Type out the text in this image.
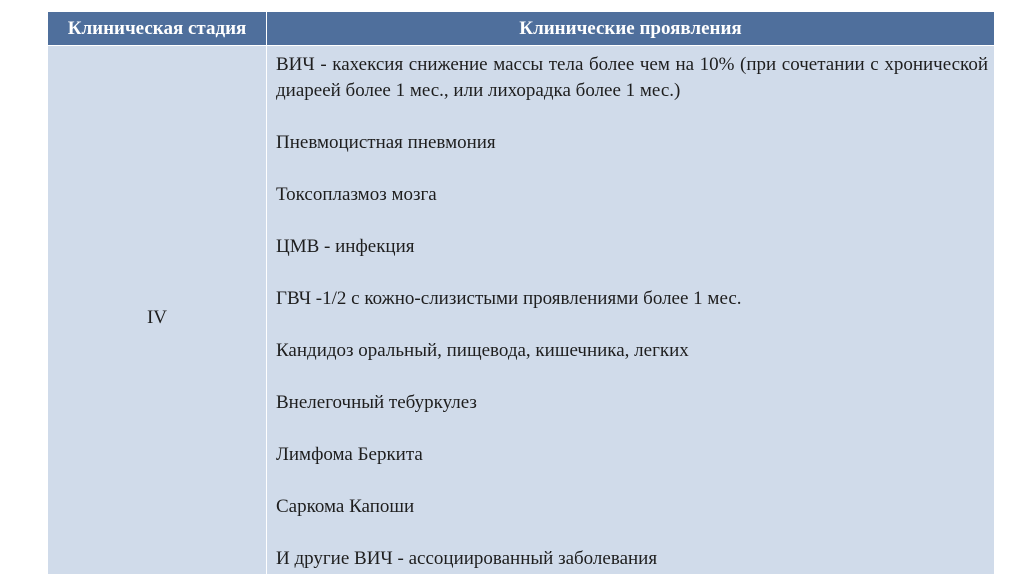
Клиническая стадия	Клинические проявления
IV
ВИЧ - кахексия снижение массы тела более чем на 10% (при сочетании с хронической диареей более 1 мес., или лихорадка более 1 мес.)
Пневмоцистная пневмония
Токсоплазмоз мозга
ЦМВ - инфекция
ГВЧ -1/2 с кожно-слизистыми проявлениями более 1 мес.
Кандидоз оральный, пищевода, кишечника, легких
Внелегочный тебуркулез
Лимфома Беркита
Саркома Капоши
И другие ВИЧ - ассоциированный заболевания
